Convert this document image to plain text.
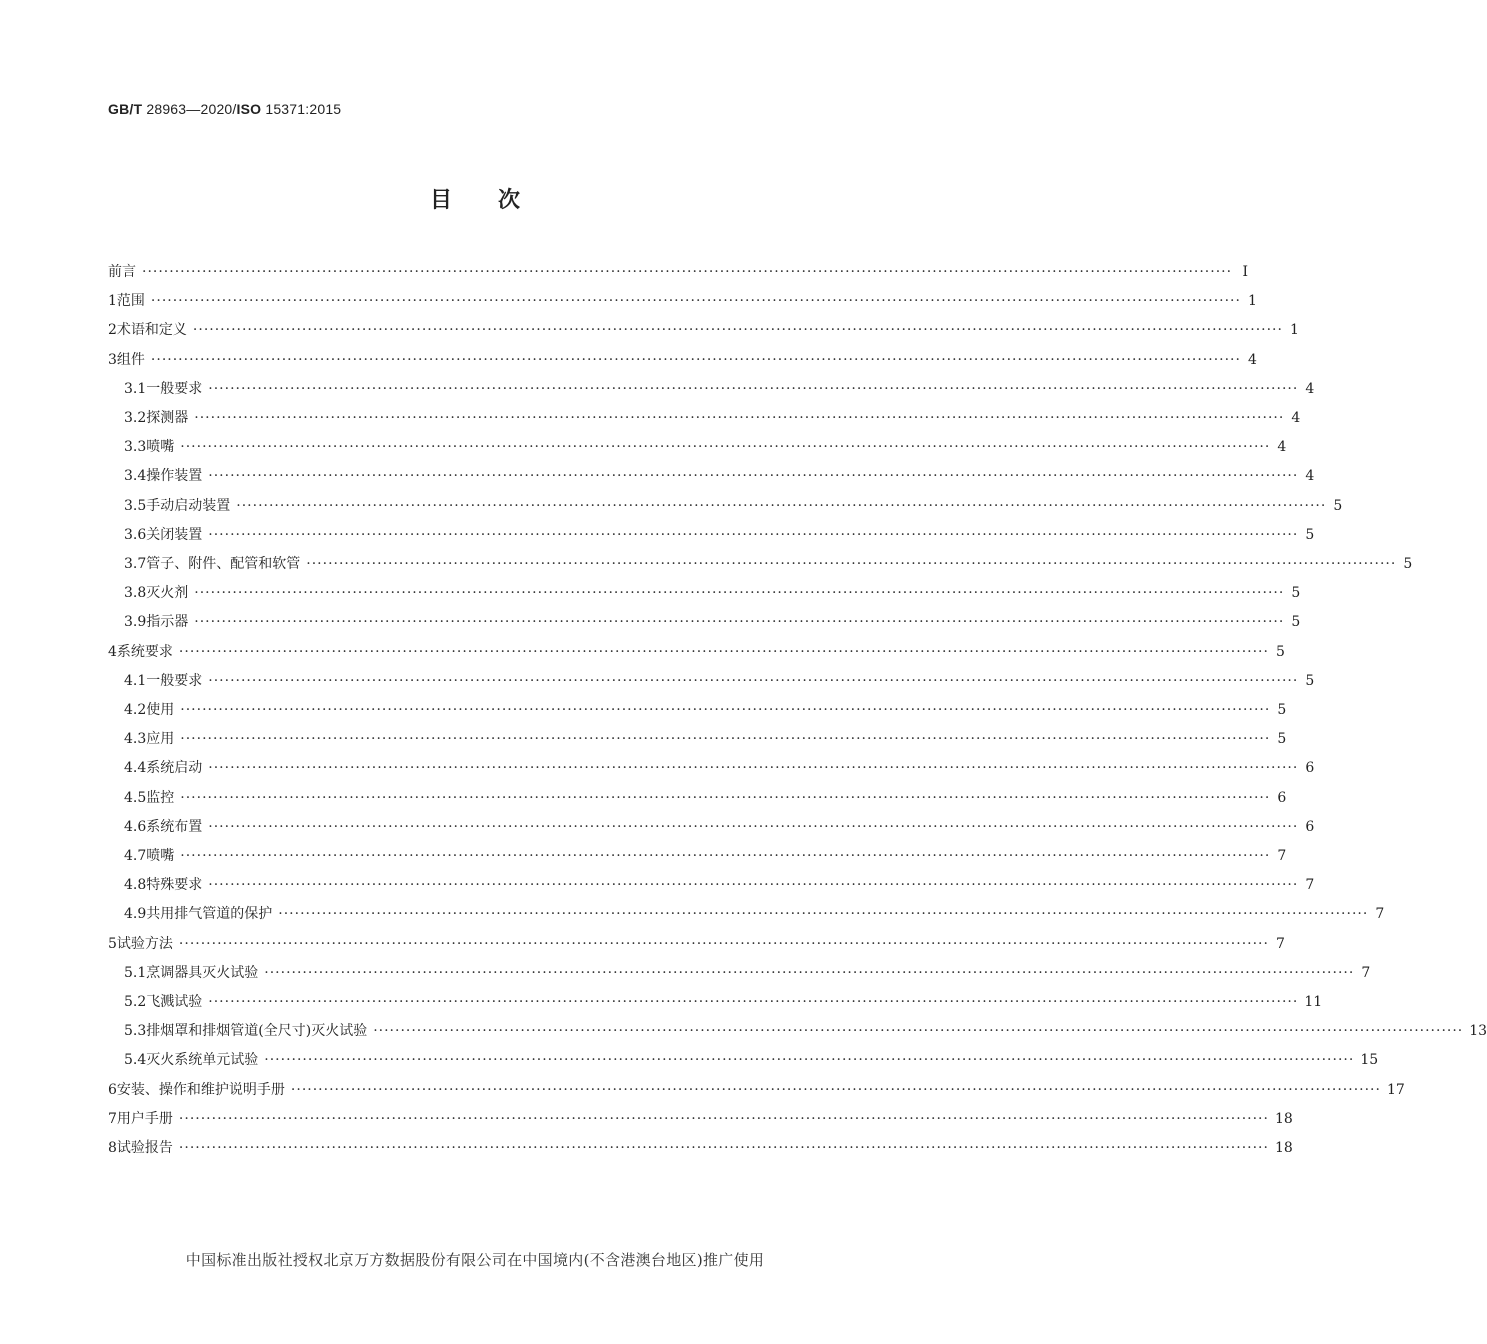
GB/T 28963—2020/ISO 15371:2015
目 次
前言 ········································································································································································································ Ⅰ
1 范围 ········································································································································································································ 1
2 术语和定义 ········································································································································································································ 1
3 组件 ········································································································································································································ 4
3.1 一般要求 ········································································································································································································ 4
3.2 探测器 ········································································································································································································ 4
3.3 喷嘴 ········································································································································································································ 4
3.4 操作装置 ········································································································································································································ 4
3.5 手动启动装置 ········································································································································································································ 5
3.6 关闭装置 ········································································································································································································ 5
3.7 管子、附件、配管和软管 ········································································································································································································ 5
3.8 灭火剂 ········································································································································································································ 5
3.9 指示器 ········································································································································································································ 5
4 系统要求 ········································································································································································································ 5
4.1 一般要求 ········································································································································································································ 5
4.2 使用 ········································································································································································································ 5
4.3 应用 ········································································································································································································ 5
4.4 系统启动 ········································································································································································································ 6
4.5 监控 ········································································································································································································ 6
4.6 系统布置 ········································································································································································································ 6
4.7 喷嘴 ········································································································································································································ 7
4.8 特殊要求 ········································································································································································································ 7
4.9 共用排气管道的保护 ········································································································································································································ 7
5 试验方法 ········································································································································································································ 7
5.1 烹调器具灭火试验 ········································································································································································································ 7
5.2 飞溅试验 ········································································································································································································ 11
5.3 排烟罩和排烟管道(全尺寸)灭火试验 ········································································································································································································ 13
5.4 灭火系统单元试验 ········································································································································································································ 15
6 安装、操作和维护说明手册 ········································································································································································································ 17
7 用户手册 ········································································································································································································ 18
8 试验报告 ········································································································································································································ 18
中国标准出版社授权北京万方数据股份有限公司在中国境内(不含港澳台地区)推广使用
